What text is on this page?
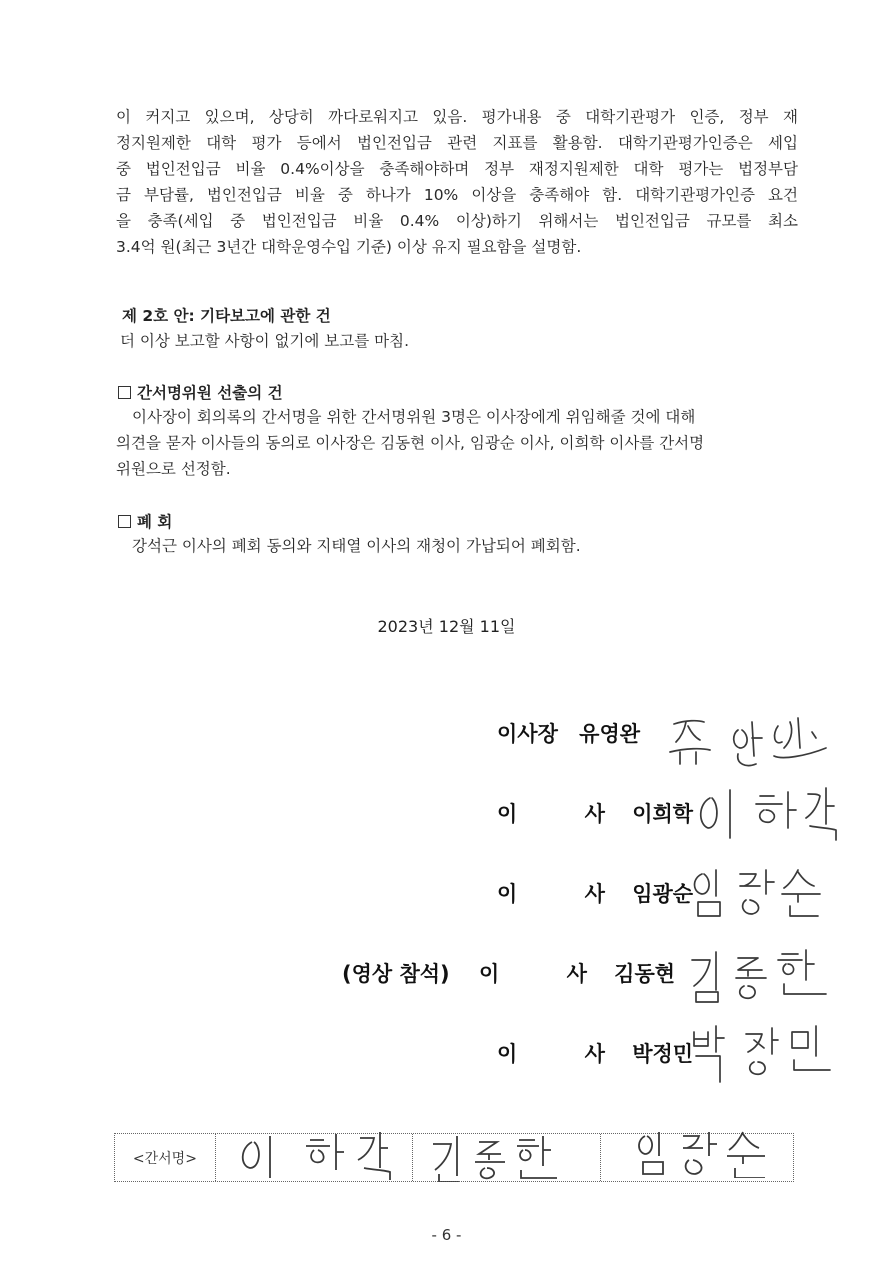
이 커지고 있으며, 상당히 까다로워지고 있음. 평가내용 중 대학기관평가 인증, 정부 재

정지원제한 대학 평가 등에서 법인전입금 관련 지표를 활용함. 대학기관평가인증은 세입

중 법인전입금 비율 0.4%이상을 충족해야하며 정부 재정지원제한 대학 평가는 법정부담

금 부담률, 법인전입금 비율 중 하나가 10% 이상을 충족해야 함. 대학기관평가인증 요건

을 충족(세입 중 법인전입금 비율 0.4% 이상)하기 위해서는 법인전입금 규모를 최소

3.4억 원(최근 3년간 대학운영수입 기준) 이상 유지 필요함을 설명함.

제 2호 안: 기타보고에 관한 건
더 이상 보고할 사항이 없기에 보고를 마침.
간서명위원 선출의 건
이사장이 회의록의 간서명을 위한 간서명위원 3명은 이사장에게 위임해줄 것에 대해
의견을 묻자 이사들의 동의로 이사장은 김동현 이사, 임광순 이사, 이희학 이사를 간서명
위원으로 선정함.
폐 회
강석근 이사의 폐회 동의와 지태열 이사의 재청이 가납되어 폐회함.
2023년 12월 11일
이사장 유영완
이 사 이희학
이 사 임광순
(영상 참석) 이 사 김동현
이 사 박정민
<간서명>
- 6 -
